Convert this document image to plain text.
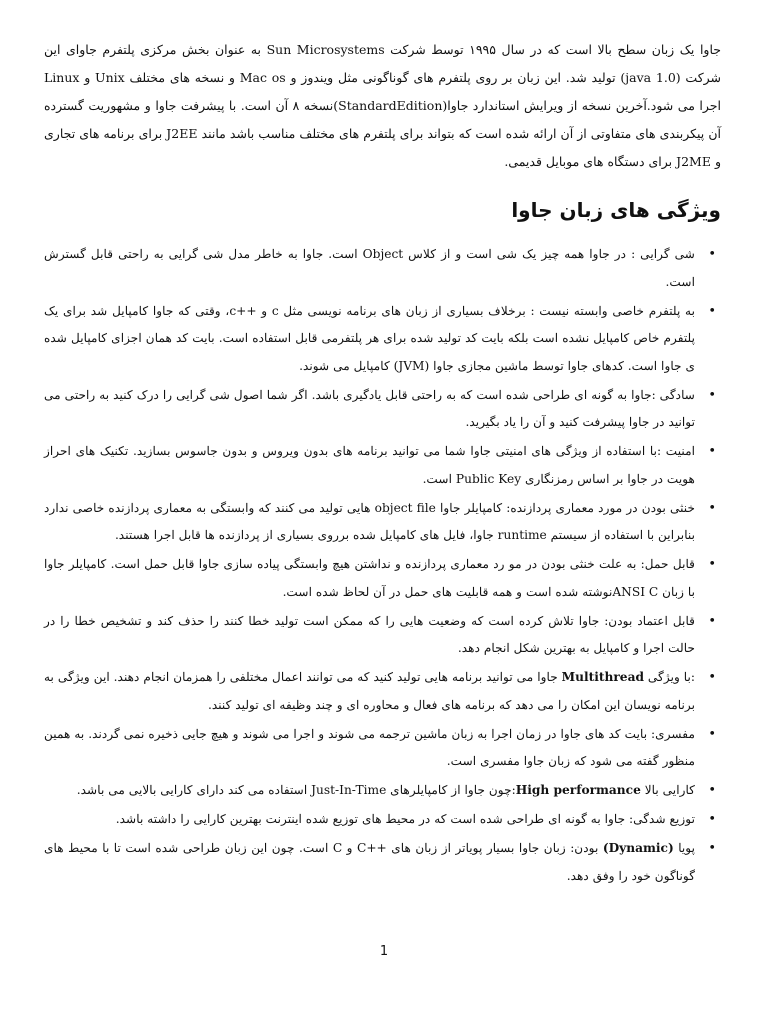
جاوا یک زبان سطح بالا است که در سال ۱۹۹۵ توسط شرکت Sun Microsystems به عنوان بخش مرکزی پلتفرم جاوای این شرکت (java 1.0) تولید شد. این زبان بر روی پلتفرم های گوناگونی مثل ویندوز و Mac os و نسخه های مختلف Unix و Linux اجرا می شود.آخرین نسخه از ویرایش استاندارد جاوا(StandardEdition)نسخه ۸ آن است. با پیشرفت جاوا و مشهوریت گسترده آن پیکربندی های متفاوتی از آن ارائه شده است که بتواند برای پلتفرم های مختلف مناسب باشد مانند J2EE برای برنامه های تجاری و J2ME برای دستگاه های موبایل قدیمی.

ویژگی های زبان جاوا
•
شی گرایی : در جاوا همه چیز یک شی است و از کلاس Object است. جاوا به خاطر مدل شی گرایی به راحتی قابل گسترش است.
•
به پلتفرم خاصی وابسته نیست : برخلاف بسیاری از زبان های برنامه نویسی مثل c و ++c، وقتی که جاوا کامپایل شد برای یک پلتفرم خاص کامپایل نشده است بلکه بایت کد تولید شده برای هر پلتفرمی قابل استفاده است. بایت کد همان اجزای کامپایل شده ی جاوا است. کدهای جاوا توسط ماشین مجازی جاوا (JVM) کامپایل می شوند.
•
سادگی :جاوا به گونه ای طراحی شده است که به راحتی قابل یادگیری باشد. اگر شما اصول شی گرایی را درک کنید به راحتی می توانید در جاوا پیشرفت کنید و آن را یاد بگیرید.
•
امنیت :با استفاده از ویژگی های امنیتی جاوا شما می توانید برنامه های بدون ویروس و بدون جاسوس بسازید. تکنیک های احراز هویت در جاوا بر اساس رمزنگاری Public Key است.
•
خنثی بودن در مورد معماری پردازنده: کامپایلر جاوا object file هایی تولید می کنند که وابستگی به معماری پردازنده خاصی ندارد بنابراین با استفاده از سیستم runtime جاوا، فایل های کامپایل شده برروی بسیاری از پردازنده ها قابل اجرا هستند.
•
قابل حمل: به علت خنثی بودن در مو رد معماری پردازنده و نداشتن هیچ وابستگی پیاده سازی جاوا قابل حمل است. کامپایلر جاوا با زبان ANSI Cنوشته شده است و همه قابلیت های حمل در آن لحاظ شده است.
•
قابل اعتماد بودن: جاوا تلاش کرده است که وضعیت هایی را که ممکن است تولید خطا کنند را حذف کند و تشخیص خطا را در حالت اجرا و کامپایل به بهترین شکل انجام دهد.
•
:با ویژگی Multithread جاوا می توانید برنامه هایی تولید کنید که می توانند اعمال مختلفی را همزمان انجام دهند. این ویژگی به برنامه نویسان این امکان را می دهد که برنامه های فعال و محاوره ای و چند وظیفه ای تولید کنند.
•
مفسری: بایت کد های جاوا در زمان اجرا به زبان ماشین ترجمه می شوند و اجرا می شوند و هیچ جایی ذخیره نمی گردند. به همین منظور گفته می شود که زبان جاوا مفسری است.
•
کارایی بالا High performance:چون جاوا از کامپایلرهای Just-In-Time استفاده می کند دارای کارایی بالایی می باشد.
•
توزیع شدگی: جاوا به گونه ای طراحی شده است که در محیط های توزیع شده اینترنت بهترین کارایی را داشته باشد.
•
پویا (Dynamic) بودن: زبان جاوا بسیار پویاتر از زبان های ++C و C است. چون این زبان طراحی شده است تا با محیط های گوناگون خود را وفق دهد.
1
